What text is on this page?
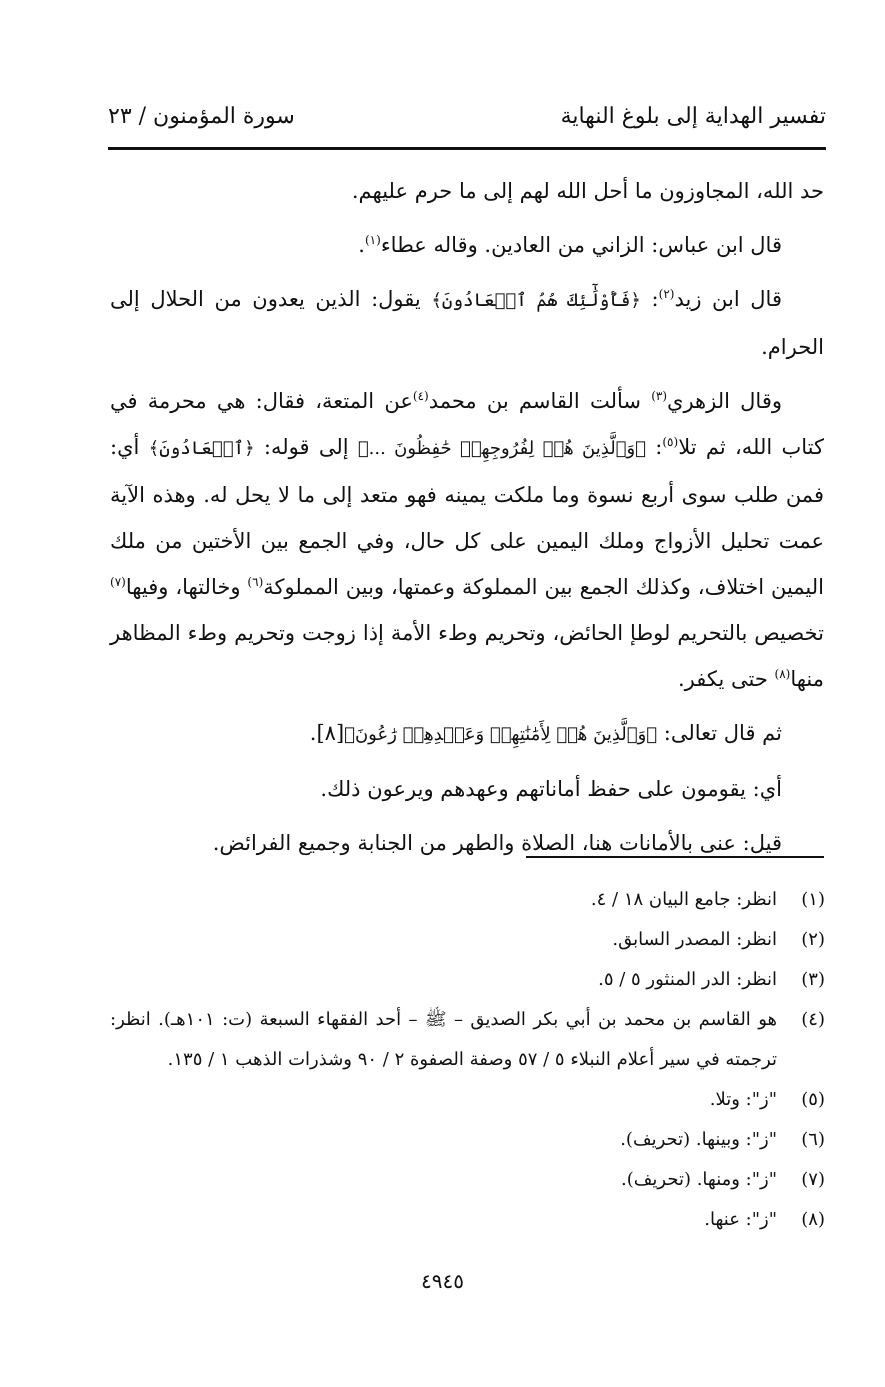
تفسير الهداية إلى بلوغ النهاية
سورة المؤمنون / ٢٣

حد الله، المجاوزون ما أحل الله لهم إلى ما حرم عليهم.

قال ابن عباس: الزاني من العادين. وقاله عطاء$^{(١)}$.

قال ابن زيد$^{(٢)}$: ﴿فَأُوْلَٰٓئِكَ هُمُ ٱلۡعَادُونَ﴾ يقول: الذين يعدون من الحلال إلى الحرام.

وقال الزهري$^{(٣)}$ سألت القاسم بن محمد$^{(٤)}$عن المتعة، فقال: هي محرمة في كتاب الله، ثم تلا$^{(٥)}$: ﴿وَٱلَّذِينَ هُمۡ لِفُرُوجِهِمۡ حَٰفِظُونَ ...﴾ إلى قوله: ﴿ٱلۡعَادُونَ﴾ أي: فمن طلب سوى أربع نسوة وما ملكت يمينه فهو متعد إلى ما لا يحل له. وهذه الآية عمت تحليل الأزواج وملك اليمين على كل حال، وفي الجمع بين الأختين من ملك اليمين اختلاف، وكذلك الجمع بين المملوكة وعمتها، وبين المملوكة$^{(٦)}$ وخالتها، وفيها$^{(٧)}$ تخصيص بالتحريم لوطإ الحائض، وتحريم وطء الأمة إذا زوجت وتحريم وطء المظاهر منها$^{(٨)}$ حتى يكفر.

ثم قال تعالى: ﴿وَٱلَّذِينَ هُمۡ لِأَمَٰنَٰتِهِمۡ وَعَهۡدِهِمۡ رَٰعُونَ﴾[٨].

أي: يقومون على حفظ أماناتهم وعهدهم ويرعون ذلك.

قيل: عنى بالأمانات هنا، الصلاة والطهر من الجنابة وجميع الفرائض.

(١)
انظر: جامع البيان ١٨ / ٤.
(٢)
انظر: المصدر السابق.
(٣)
انظر: الدر المنثور ٥ / ٥.
(٤)
هو القاسم بن محمد بن أبي بكر الصديق – ﷺ – أحد الفقهاء السبعة (ت: ١٠١هـ). انظر: ترجمته في سير أعلام النبلاء ٥ / ٥٧ وصفة الصفوة ٢ / ٩٠ وشذرات الذهب ١ / ١٣٥.
(٥)
"ز": وتلا.
(٦)
"ز": وبينها. (تحريف).
(٧)
"ز": ومنها. (تحريف).
(٨)
"ز": عنها.
٤٩٤٥
